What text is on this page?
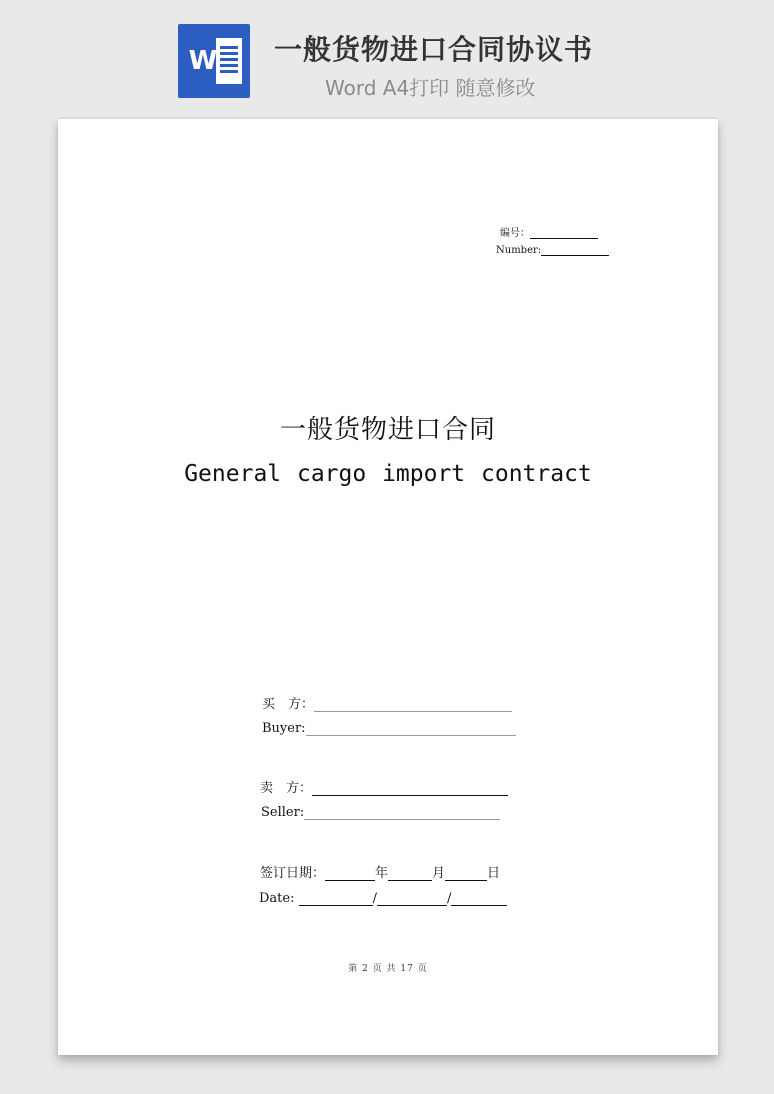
W 一般货物进口合同协议书
Word A4打印 随意修改

编号：
Number:
一般货物进口合同
General cargo import contract
买　方：
Buyer:
卖　方：
Seller:
签订日期：	年	月	日
Date:	/	/
第 2 页 共 17 页
